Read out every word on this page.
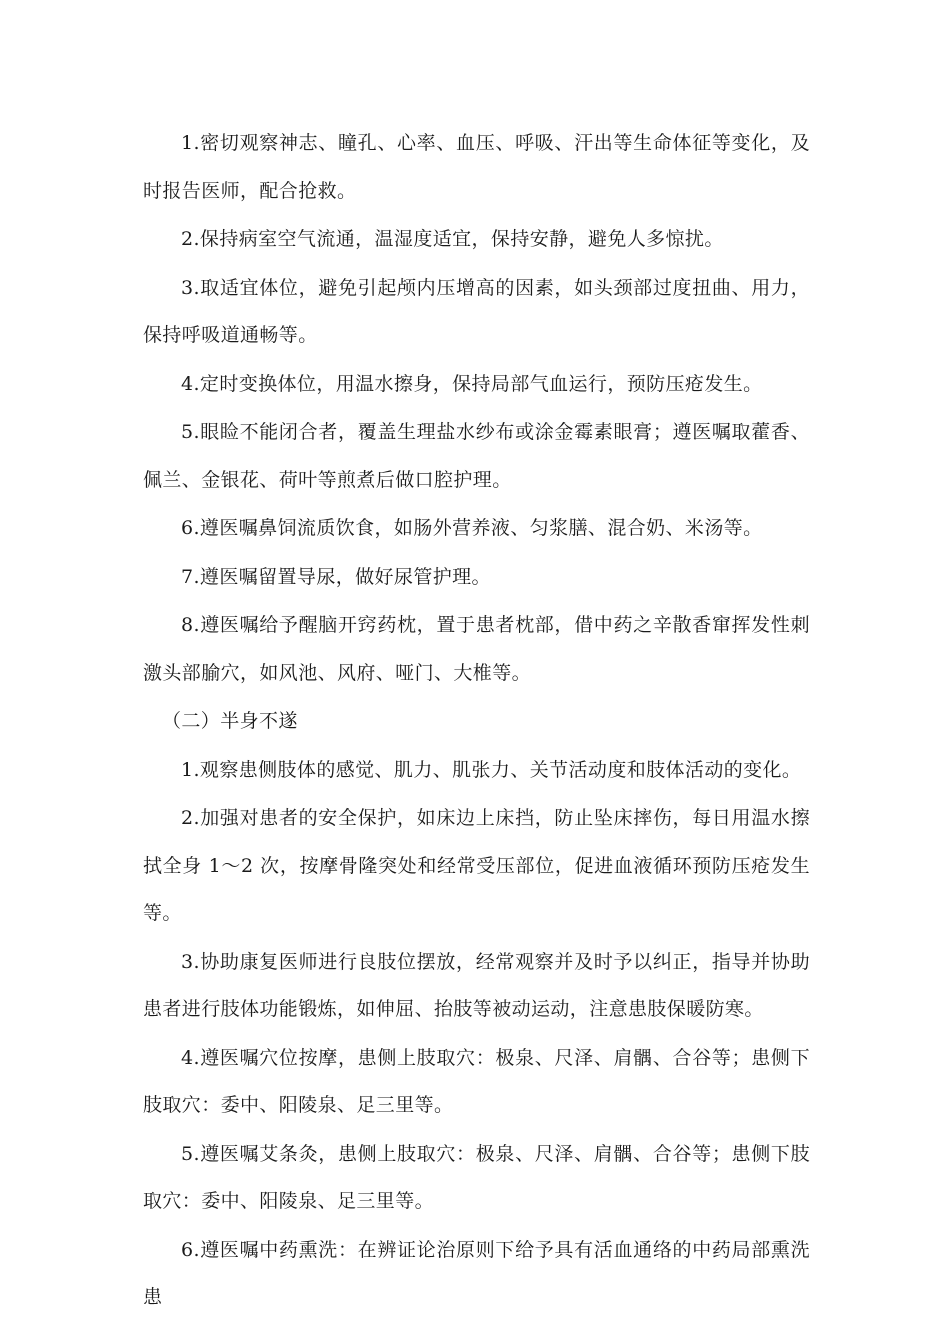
1.密切观察神志、瞳孔、心率、血压、呼吸、汗出等生命体征等变化，及时报告医师，配合抢救。

2.保持病室空气流通，温湿度适宜，保持安静，避免人多惊扰。

3.取适宜体位，避免引起颅内压增高的因素，如头颈部过度扭曲、用力，保持呼吸道通畅等。

4.定时变换体位，用温水擦身，保持局部气血运行，预防压疮发生。

5.眼睑不能闭合者，覆盖生理盐水纱布或涂金霉素眼膏；遵医嘱取藿香、佩兰、金银花、荷叶等煎煮后做口腔护理。

6.遵医嘱鼻饲流质饮食，如肠外营养液、匀浆膳、混合奶、米汤等。

7.遵医嘱留置导尿，做好尿管护理。

8.遵医嘱给予醒脑开窍药枕，置于患者枕部，借中药之辛散香窜挥发性刺激头部腧穴，如风池、风府、哑门、大椎等。

（二）半身不遂

1.观察患侧肢体的感觉、肌力、肌张力、关节活动度和肢体活动的变化。

2.加强对患者的安全保护，如床边上床挡，防止坠床摔伤，每日用温水擦拭全身 1～2 次，按摩骨隆突处和经常受压部位，促进血液循环预防压疮发生等。

3.协助康复医师进行良肢位摆放，经常观察并及时予以纠正，指导并协助患者进行肢体功能锻炼，如伸屈、抬肢等被动运动，注意患肢保暖防寒。

4.遵医嘱穴位按摩，患侧上肢取穴：极泉、尺泽、肩髃、合谷等；患侧下肢取穴：委中、阳陵泉、足三里等。

5.遵医嘱艾条灸，患侧上肢取穴：极泉、尺泽、肩髃、合谷等；患侧下肢取穴：委中、阳陵泉、足三里等。

6.遵医嘱中药熏洗：在辨证论治原则下给予具有活血通络的中药局部熏洗患
